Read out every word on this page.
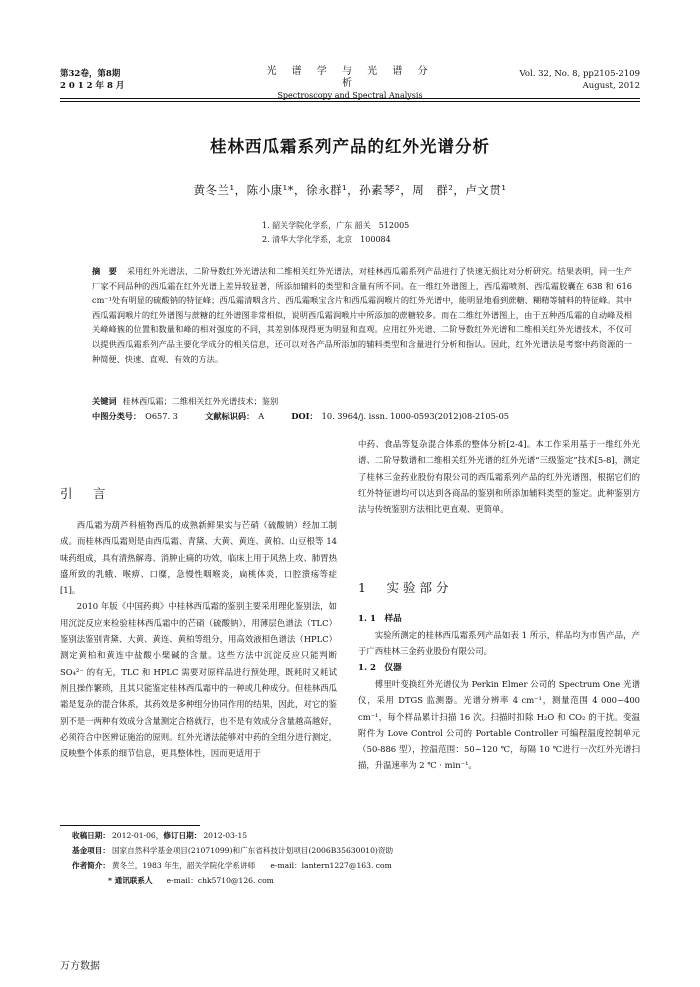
第32卷，第8期
2 0 1 2 年 8 月
光 谱 学 与 光 谱 分 析
Spectroscopy and Spectral Analysis
Vol. 32, No. 8, pp2105-2109
August, 2012
桂林西瓜霜系列产品的红外光谱分析
黄冬兰¹，陈小康¹*，徐永群¹，孙素琴²，周　群²，卢文贯¹
1. 韶关学院化学系，广东 韶关　512005
2. 清华大学化学系，北京　100084
摘　要 采用红外光谱法、二阶导数红外光谱法和二维相关红外光谱法，对桂林西瓜霜系列产品进行了快速无损比对分析研究。结果表明，同一生产厂家不同品种的西瓜霜在红外光谱上差异较显著，所添加辅料的类型和含量有所不同。在一维红外谱图上，西瓜霜喷剂、西瓜霜胶囊在 638 和 616 cm⁻¹处有明显的硫酸钠的特征峰；西瓜霜清咽含片、西瓜霜喉宝含片和西瓜霜润喉片的红外光谱中，能明显地看到蔗糖、糊精等辅料的特征峰。其中西瓜霜润喉片的红外谱图与蔗糖的红外谱图非常相似，说明西瓜霜润喉片中所添加的蔗糖较多。而在二维红外谱图上，由于五种西瓜霜的自动峰及相关峰峰簇的位置和数量和峰的相对强度的不同，其差别体现得更为明显和直观。应用红外光谱、二阶导数红外光谱和二维相关红外光谱技术，不仅可以提供西瓜霜系列产品主要化学成分的相关信息，还可以对各产品所添加的辅料类型和含量进行分析和指认。因此，红外光谱法是考察中药资源的一种简便、快速、直观、有效的方法。
关键词 桂林西瓜霜；二维相关红外光谱技术；鉴别
中图分类号： O657. 3	文献标识码： A	DOI： 10. 3964/j. issn. 1000-0593(2012)08-2105-05
引　言

西瓜霜为葫芦科植物西瓜的成熟新鲜果实与芒硝（硫酸钠）经加工制成。而桂林西瓜霜则是由西瓜霜、青黛、大黄、黄连、黄柏、山豆根等 14 味药组成，具有清热解毒、消肿止痛的功效，临床上用于风热上攻、肺胃热盛所致的乳蛾、喉痹、口糜，急慢性咽喉炎，扁桃体炎，口腔溃疡等症[1]。

2010 年版《中国药典》中桂林西瓜霜的鉴别主要采用理化鉴别法，如用沉淀反应来检验桂林西瓜霜中的芒硝（硫酸钠），用薄层色谱法（TLC）鉴别法鉴别青黛、大黄、黄连、黄柏等组分，用高效液相色谱法（HPLC）测定黄柏和黄连中盐酸小檗碱的含量。这些方法中沉淀反应只能判断 SO₄²⁻ 的有无，TLC 和 HPLC 需要对原样品进行预处理，既耗时又耗试剂且操作繁琐，且其只能鉴定桂林西瓜霜中的一种或几种成分。但桂林西瓜霜是复杂的混合体系，其药效是多种组分协同作用的结果，因此，对它的鉴别不是一两种有效成分含量测定合格就行，也不是有效成分含量越高越好，必须符合中医辨证施治的原则。红外光谱法能够对中药的全组分进行测定，反映整个体系的细节信息，更具整体性，因而更适用于

中药、食品等复杂混合体系的整体分析[2-4]。本工作采用基于一维红外光谱、二阶导数谱和二维相关红外光谱的红外光谱“三级鉴定”技术[5-8]，测定了桂林三金药业股份有限公司的西瓜霜系列产品的红外光谱图，根据它们的红外特征谱均可以达到各商品的鉴别和所添加辅料类型的鉴定。此种鉴别方法与传统鉴别方法相比更直观、更简单。

1　实验部分
1. 1　样品

实验所测定的桂林西瓜霜系列产品如表 1 所示，样品均为市售产品，产于广西桂林三金药业股份有限公司。

1. 2　仪器

傅里叶变换红外光谱仪为 Perkin Elmer 公司的 Spectrum One 光谱仪，采用 DTGS 监测器。光谱分辨率 4 cm⁻¹，测量范围 4 000~400 cm⁻¹，每个样品累计扫描 16 次。扫描时扣除 H₂O 和 CO₂ 的干扰。变温附件为 Love Control 公司的 Portable Controller 可编程温度控制单元（50-886 型），控温范围：50~120 ℃，每隔 10 ℃进行一次红外光谱扫描，升温速率为 2 ℃ · min⁻¹。

收稿日期： 2012-01-06，修订日期： 2012-03-15
基金项目： 国家自然科学基金项目(21071099)和广东省科技计划项目(2006B35630010)资助
作者简介： 黄冬兰，1983 年生，韶关学院化学系讲师　　e-mail：lantern1227@163. com
* 通讯联系人 e-mail：chk5710@126. com
万方数据
